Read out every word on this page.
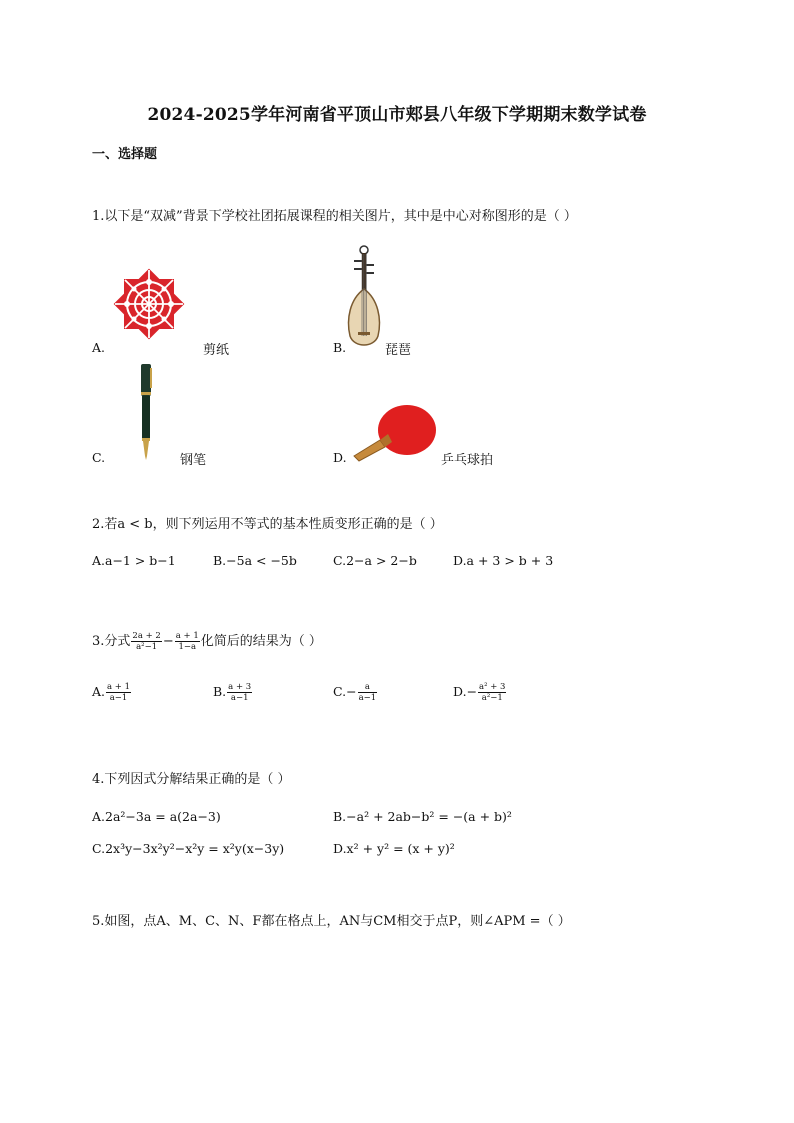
2024-2025学年河南省平顶山市郏县八年级下学期期末数学试卷
一、选择题
1.以下是“双减”背景下学校社团拓展课程的相关图片，其中是中心对称图形的是（ ）
A.	剪纸	B.	琵琶
C.	钢笔	D.	乒乓球拍
2.若a < b，则下列运用不等式的基本性质变形正确的是（ ）
A.a−1 > b−1	B.−5a < −5b	C.2−a > 2−b	D.a + 3 > b + 3
3.分式 $\frac{2a + 2}{\text{a²−1}} - \frac{a + 1}{1-a}$ 化简后的结果为（ ）
A. $\frac{a + 1}{a-1}$	B. $\frac{a + 3}{a-1}$	$C.- \frac{a}{a-1}$	$D.- \frac{\text{a² + 3}}{\text{a²−1}}$
4.下列因式分解结果正确的是（ ）
A.2a²−3a = a(2a−3)	B.−a² + 2ab−b² = −(a + b)²
C.2x³y−3x²y²−x²y = x²y(x−3y)	D.x² + y² = (x + y)²
5.如图，点A、M、C、N、F都在格点上，AN与CM相交于点P，则∠APM =（ ）
